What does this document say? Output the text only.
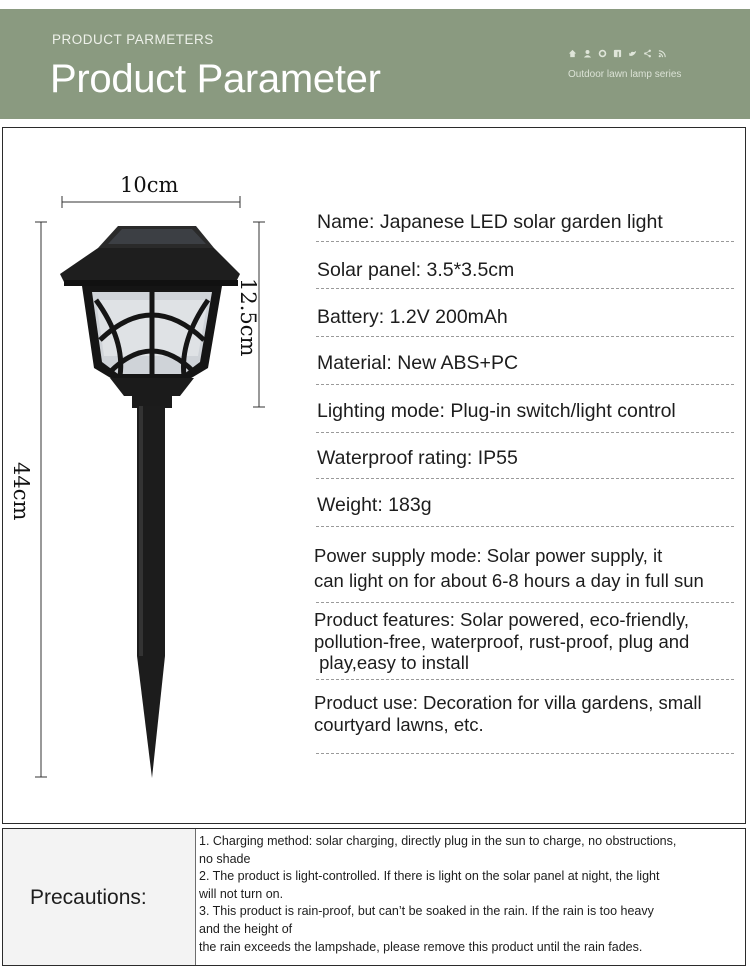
PRODUCT PARMETERS
Product Parameter	Outdoor lawn lamp series
10cm
12.5cm
44cm
Name: Japanese LED solar garden light
Solar panel: 3.5*3.5cm
Battery: 1.2V 200mAh
Material: New ABS+PC
Lighting mode: Plug-in switch/light control
Waterproof rating: IP55
Weight: 183g
Power supply mode: Solar power supply, it
can light on for about 6-8 hours a day in full sun
Product features: Solar powered, eco-friendly,
pollution-free, waterproof, rust-proof, plug and
play,easy to install
Product use: Decoration for villa gardens, small
courtyard lawns, etc.
Precautions:
1. Charging method: solar charging, directly plug in the sun to charge, no obstructions,
no shade
2. The product is light-controlled. If there is light on the solar panel at night, the light
will not turn on.
3. This product is rain-proof, but can’t be soaked in the rain. If the rain is too heavy
and the height of
the rain exceeds the lampshade, please remove this product until the rain fades.
